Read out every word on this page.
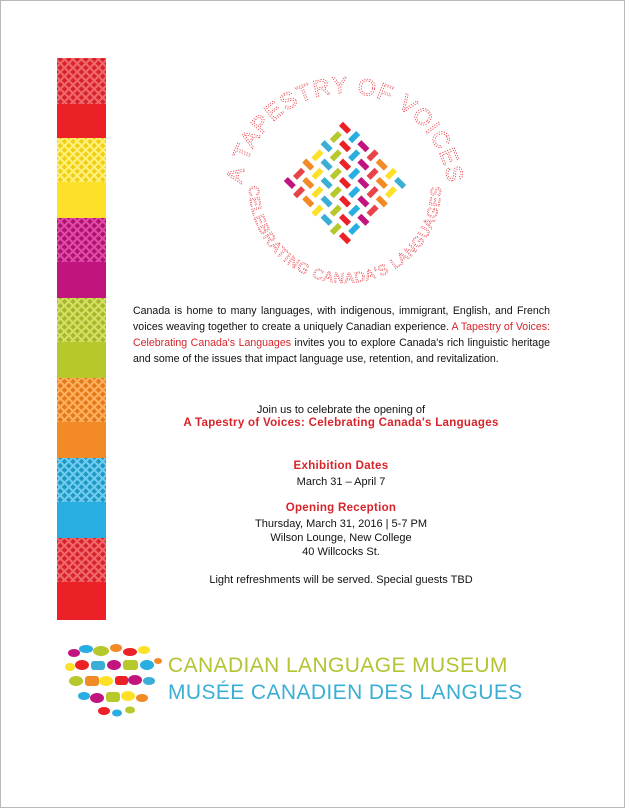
A TAPESTRY OF VOICES
CELEBRATING CANADA'S LANGUAGES
Canada is home to many languages, with indigenous, immigrant, English, and French voices weaving together to create a uniquely Canadian experience. A Tapestry of Voices: Celebrating Canada's Languages invites you to explore Canada's rich linguistic heritage and some of the issues that impact language use, retention, and revitalization.
Join us to celebrate the opening of
A Tapestry of Voices: Celebrating Canada's Languages
Exhibition Dates
March 31 – April 7
Opening Reception
Thursday, March 31, 2016 | 5-7 PM
Wilson Lounge, New College
40 Willcocks St.
Light refreshments will be served. Special guests TBD
CANADIAN LANGUAGE MUSEUM
MUSÉE CANADIEN DES LANGUES
